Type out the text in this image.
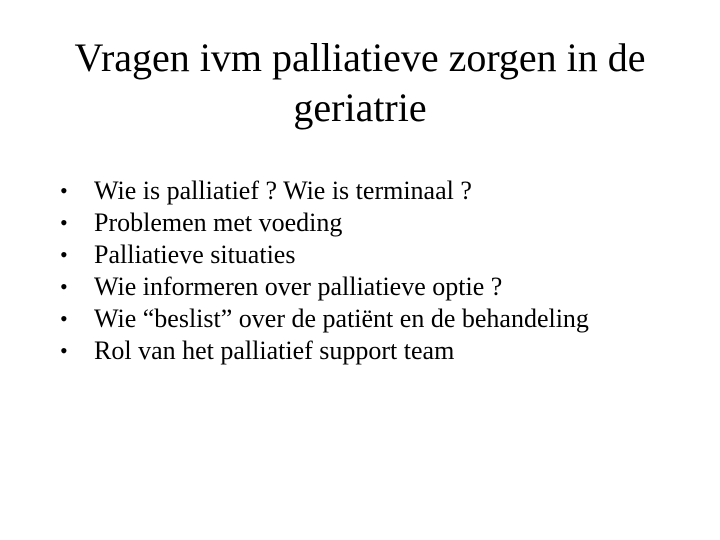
Vragen ivm palliatieve zorgen in de geriatrie
• Wie is palliatief ? Wie is terminaal ?
• Problemen met voeding
• Palliatieve situaties
• Wie informeren over palliatieve optie ?
• Wie “beslist” over de patiënt en de behandeling
• Rol van het palliatief support team
